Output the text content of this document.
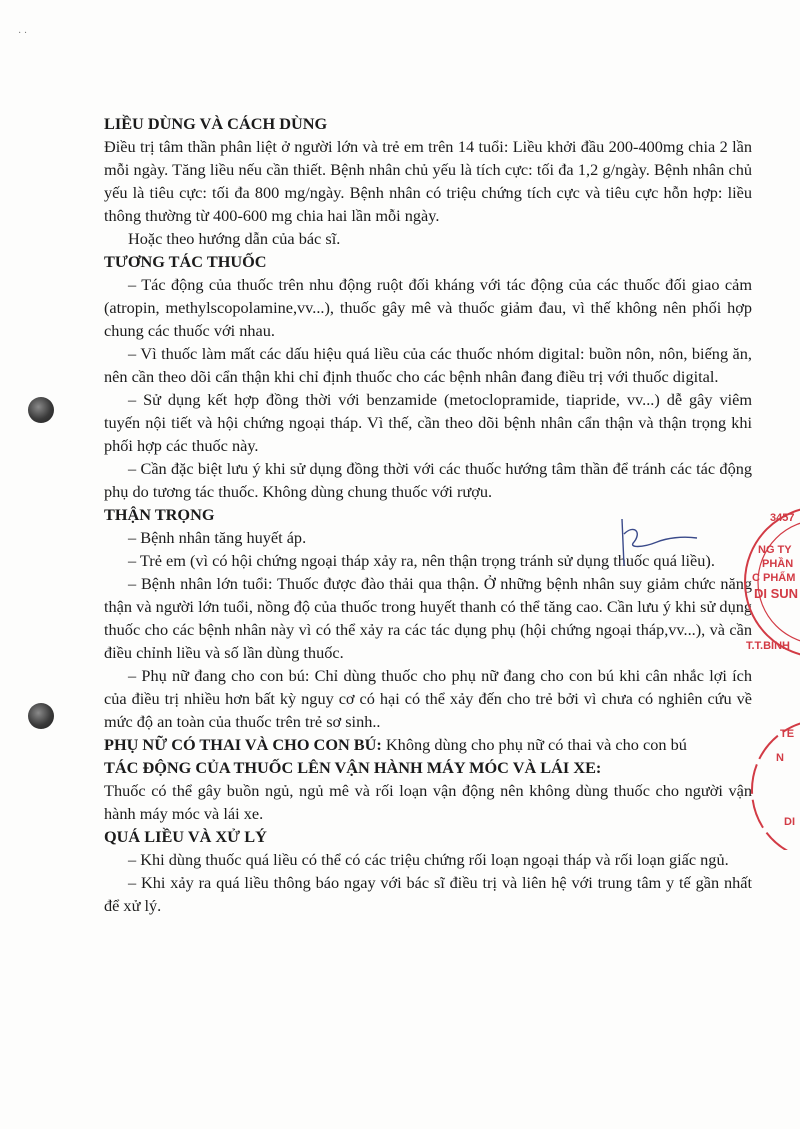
· ·
LIỀU DÙNG VÀ CÁCH DÙNG

Điều trị tâm thần phân liệt ở người lớn và trẻ em trên 14 tuổi: Liều khởi đầu 200-400mg chia 2 lần mỗi ngày. Tăng liều nếu cần thiết. Bệnh nhân chủ yếu là tích cực: tối đa 1,2 g/ngày. Bệnh nhân chủ yếu là tiêu cực: tối đa 800 mg/ngày. Bệnh nhân có triệu chứng tích cực và tiêu cực hỗn hợp: liều thông thường từ 400-600 mg chia hai lần mỗi ngày.

Hoặc theo hướng dẫn của bác sĩ.

TƯƠNG TÁC THUỐC

– Tác động của thuốc trên nhu động ruột đối kháng với tác động của các thuốc đối giao cảm (atropin, methylscopolamine,vv...), thuốc gây mê và thuốc giảm đau, vì thế không nên phối hợp chung các thuốc với nhau.

– Vì thuốc làm mất các dấu hiệu quá liều của các thuốc nhóm digital: buồn nôn, nôn, biếng ăn, nên cần theo dõi cẩn thận khi chỉ định thuốc cho các bệnh nhân đang điều trị với thuốc digital.

– Sử dụng kết hợp đồng thời với benzamide (metoclopramide, tiapride, vv...) dễ gây viêm tuyến nội tiết và hội chứng ngoại tháp. Vì thế, cần theo dõi bệnh nhân cẩn thận và thận trọng khi phối hợp các thuốc này.

– Cần đặc biệt lưu ý khi sử dụng đồng thời với các thuốc hướng tâm thần để tránh các tác động phụ do tương tác thuốc. Không dùng chung thuốc với rượu.

THẬN TRỌNG

– Bệnh nhân tăng huyết áp.

– Trẻ em (vì có hội chứng ngoại tháp xảy ra, nên thận trọng tránh sử dụng thuốc quá liều).

– Bệnh nhân lớn tuổi: Thuốc được đào thải qua thận. Ở những bệnh nhân suy giảm chức năng thận và người lớn tuổi, nồng độ của thuốc trong huyết thanh có thể tăng cao. Cần lưu ý khi sử dụng thuốc cho các bệnh nhân này vì có thể xảy ra các tác dụng phụ (hội chứng ngoại tháp,vv...), và cần điều chỉnh liều và số lần dùng thuốc.

– Phụ nữ đang cho con bú: Chỉ dùng thuốc cho phụ nữ đang cho con bú khi cân nhắc lợi ích của điều trị nhiều hơn bất kỳ nguy cơ có hại có thể xảy đến cho trẻ bởi vì chưa có nghiên cứu về mức độ an toàn của thuốc trên trẻ sơ sinh..

PHỤ NỮ CÓ THAI VÀ CHO CON BÚ: Không dùng cho phụ nữ có thai và cho con bú

TÁC ĐỘNG CỦA THUỐC LÊN VẬN HÀNH MÁY MÓC VÀ LÁI XE:

Thuốc có thể gây buồn ngủ, ngủ mê và rối loạn vận động nên không dùng thuốc cho người vận hành máy móc và lái xe.

QUÁ LIỀU VÀ XỬ LÝ

– Khi dùng thuốc quá liều có thể có các triệu chứng rối loạn ngoại tháp và rối loạn giấc ngủ.

– Khi xảy ra quá liều thông báo ngay với bác sĩ điều trị và liên hệ với trung tâm y tế gần nhất để xử lý.

3457
NG TY
PHẦN
C PHẨM
DI SUN
T.T.BÌNH
TE
N
DI
